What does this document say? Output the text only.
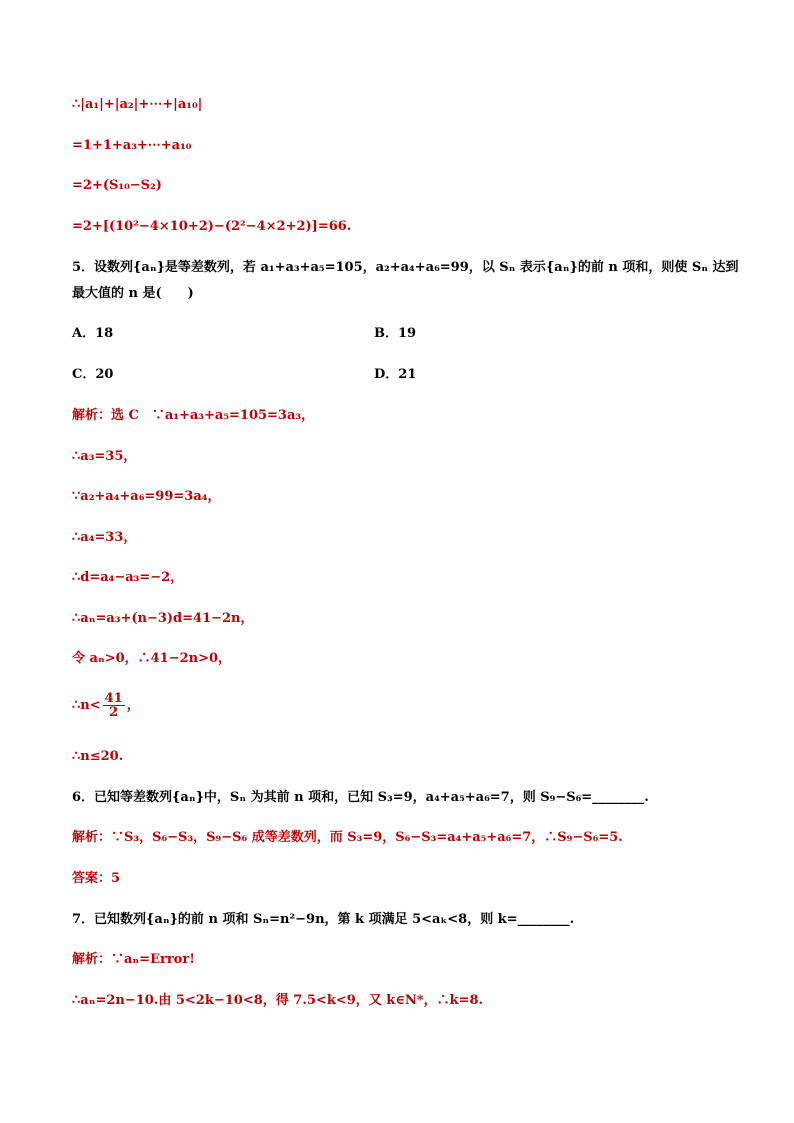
∴|a₁|+|a₂|+⋯+|a₁₀|
=1+1+a₃+⋯+a₁₀
=2+(S₁₀−S₂)
=2+[(10²−4×10+2)−(2²−4×2+2)]=66.
5．设数列{aₙ}是等差数列，若 a₁+a₃+a₅=105，a₂+a₄+a₆=99，以 Sₙ 表示{aₙ}的前 n 项和，则使 Sₙ 达到
最大值的 n 是(　　)
A．18	B．19
C．20	D．21
解析：选 C　∵a₁+a₃+a₅=105=3a₃，
∴a₃=35，
∵a₂+a₄+a₆=99=3a₄，
∴a₄=33，
∴d=a₄−a₃=−2，
∴aₙ=a₃+(n−3)d=41−2n，
令 aₙ>0，∴41−2n>0，
∴n< $\frac{41}{2}$ ，
∴n≤20.
6．已知等差数列{aₙ}中，Sₙ 为其前 n 项和，已知 S₃=9，a₄+a₅+a₆=7，则 S₉−S₆=________.
解析：∵S₃，S₆−S₃，S₉−S₆ 成等差数列，而 S₃=9，S₆−S₃=a₄+a₅+a₆=7，∴S₉−S₆=5.
答案：5
7．已知数列{aₙ}的前 n 项和 Sₙ=n²−9n，第 k 项满足 5<aₖ<8，则 k=________.
解析：∵aₙ=Error!
∴aₙ=2n−10.由 5<2k−10<8，得 7.5<k<9，又 k∈N*，∴k=8.
